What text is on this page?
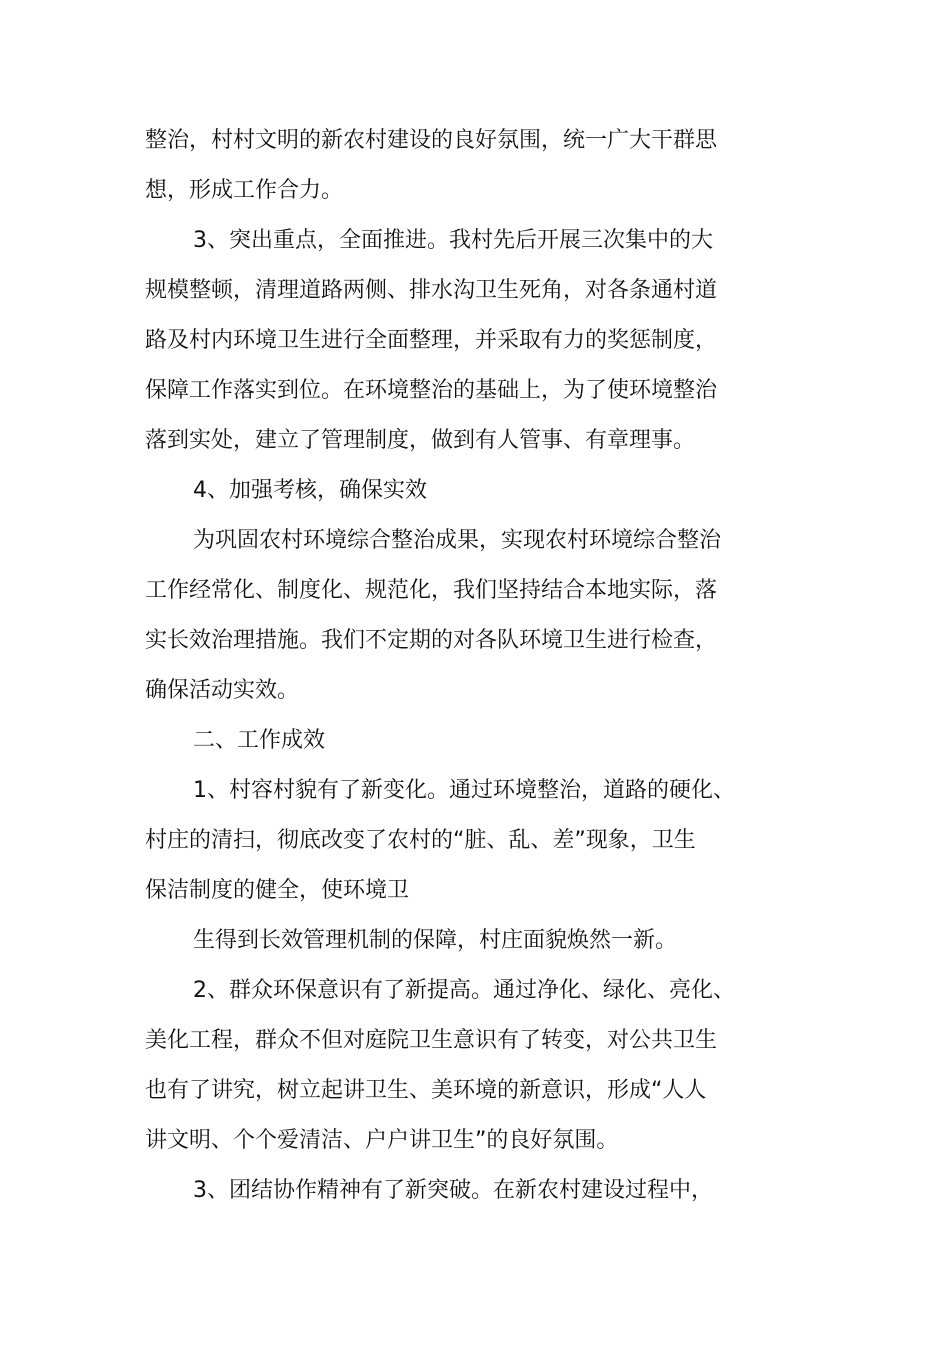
整治，村村文明的新农村建设的良好氛围，统一广大干群思

想，形成工作合力。

3、突出重点，全面推进。我村先后开展三次集中的大

规模整顿，清理道路两侧、排水沟卫生死角，对各条通村道

路及村内环境卫生进行全面整理，并采取有力的奖惩制度，

保障工作落实到位。在环境整治的基础上，为了使环境整治

落到实处，建立了管理制度，做到有人管事、有章理事。

4、加强考核，确保实效

为巩固农村环境综合整治成果，实现农村环境综合整治

工作经常化、制度化、规范化，我们坚持结合本地实际，落

实长效治理措施。我们不定期的对各队环境卫生进行检查，

确保活动实效。

二、工作成效

1、村容村貌有了新变化。通过环境整治，道路的硬化、

村庄的清扫，彻底改变了农村的“脏、乱、差”现象，卫生

保洁制度的健全，使环境卫

生得到长效管理机制的保障，村庄面貌焕然一新。

2、群众环保意识有了新提高。通过净化、绿化、亮化、

美化工程，群众不但对庭院卫生意识有了转变，对公共卫生

也有了讲究，树立起讲卫生、美环境的新意识，形成“人人

讲文明、个个爱清洁、户户讲卫生”的良好氛围。

3、团结协作精神有了新突破。在新农村建设过程中，
